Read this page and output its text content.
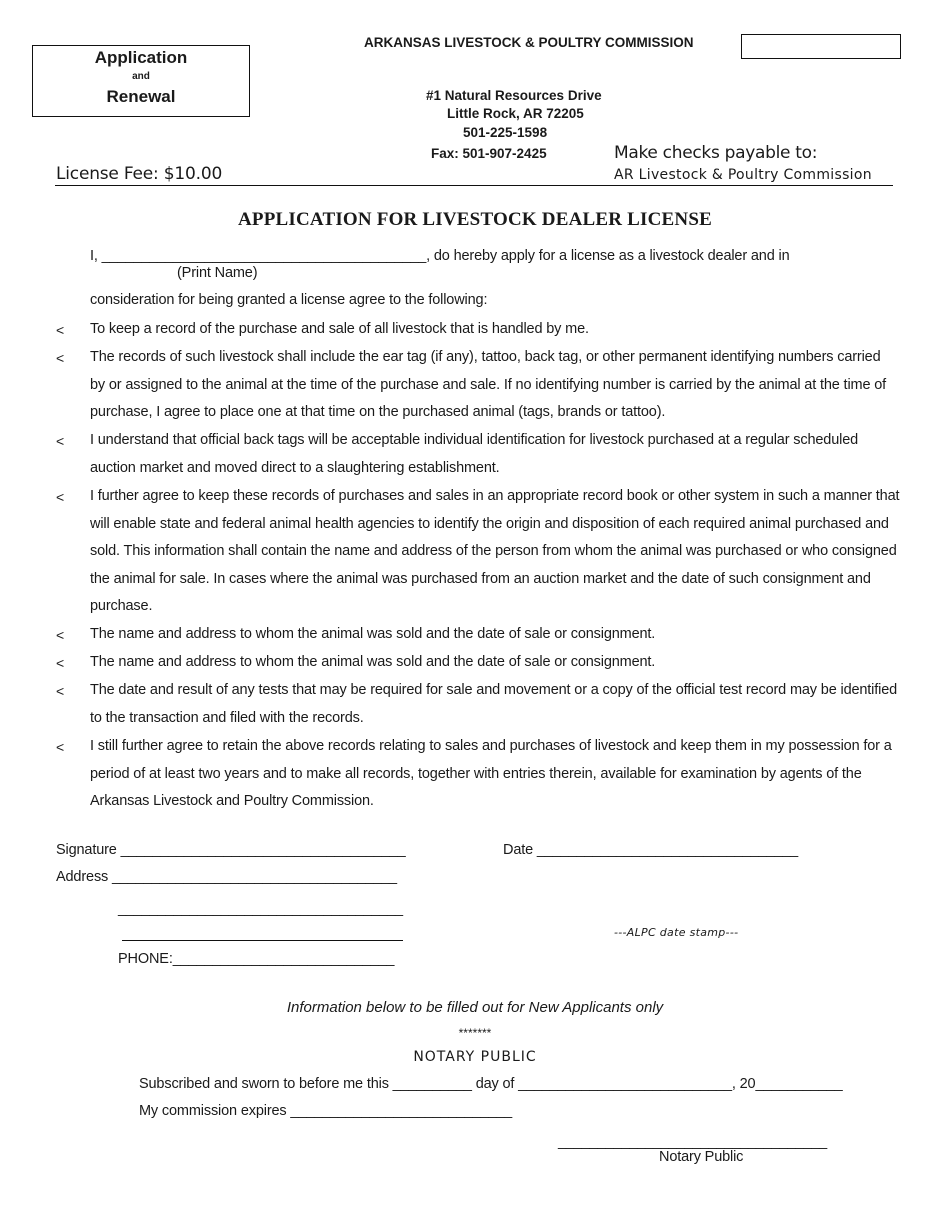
Application
and
Renewal
ARKANSAS LIVESTOCK & POULTRY COMMISSION
#1 Natural Resources Drive
Little Rock, AR 72205
501-225-1598
Fax: 501-907-2425	Make checks payable to:
AR Livestock & Poultry Commission
License Fee: $10.00
APPLICATION FOR LIVESTOCK DEALER LICENSE
I, _________________________________________, do hereby apply for a license as a livestock dealer and in
(Print Name)
consideration for being granted a license agree to the following:
< To keep a record of the purchase and sale of all livestock that is handled by me.
< The records of such livestock shall include the ear tag (if any), tattoo, back tag, or other permanent identifying numbers carried
by or assigned to the animal at the time of the purchase and sale. If no identifying number is carried by the animal at the time of
purchase, I agree to place one at that time on the purchased animal (tags, brands or tattoo).
< I understand that official back tags will be acceptable individual identification for livestock purchased at a regular scheduled
auction market and moved direct to a slaughtering establishment.
< I further agree to keep these records of purchases and sales in an appropriate record book or other system in such a manner that
will enable state and federal animal health agencies to identify the origin and disposition of each required animal purchased and
sold. This information shall contain the name and address of the person from whom the animal was purchased or who consigned
the animal for sale. In cases where the animal was purchased from an auction market and the date of such consignment and
purchase.
< The name and address to whom the animal was sold and the date of sale or consignment.
< The name and address to whom the animal was sold and the date of sale or consignment.
< The date and result of any tests that may be required for sale and movement or a copy of the official test record may be identified
to the transaction and filed with the records.
< I still further agree to retain the above records relating to sales and purchases of livestock and keep them in my possession for a
period of at least two years and to make all records, together with entries therein, available for examination by agents of the
Arkansas Livestock and Poultry Commission.
Signature ____________________________________	Date _________________________________
Address ____________________________________
____________________________________
PHONE:____________________________
---ALPC date stamp---
Information below to be filled out for New Applicants only
*******
NOTARY PUBLIC
Subscribed and sworn to before me this __________ day of ___________________________, 20___________
My commission expires ____________________________
__________________________________
Notary Public
